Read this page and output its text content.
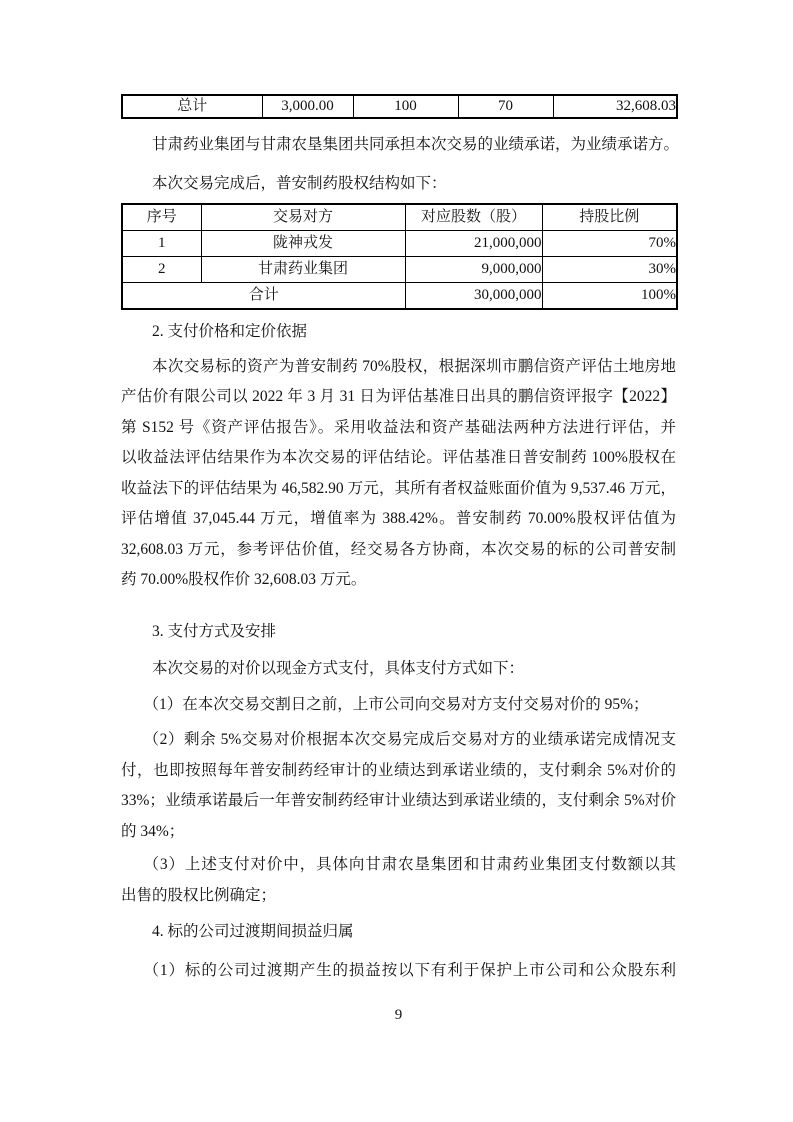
总计	3,000.00	100	70	32,608.03
甘肃药业集团与甘肃农垦集团共同承担本次交易的业绩承诺，为业绩承诺方。
本次交易完成后，普安制药股权结构如下：
序号	交易对方	对应股数（股）	持股比例
1	陇神戎发	21,000,000	70%
2	甘肃药业集团	9,000,000	30%
合计		30,000,000	100%
2. 支付价格和定价依据
本次交易标的资产为普安制药 70%股权，根据深圳市鹏信资产评估土地房地
产估价有限公司以 2022 年 3 月 31 日为评估基准日出具的鹏信资评报字【2022】
第 S152 号《资产评估报告》。采用收益法和资产基础法两种方法进行评估，并
以收益法评估结果作为本次交易的评估结论。评估基准日普安制药 100%股权在
收益法下的评估结果为 46,582.90 万元，其所有者权益账面价值为 9,537.46 万元，
评估增值 37,045.44 万元，增值率为 388.42%。普安制药 70.00%股权评估值为
32,608.03 万元，参考评估价值，经交易各方协商，本次交易的标的公司普安制
药 70.00%股权作价 32,608.03 万元。
3. 支付方式及安排
本次交易的对价以现金方式支付，具体支付方式如下：
（1）在本次交易交割日之前，上市公司向交易对方支付交易对价的 95%；
（2）剩余 5%交易对价根据本次交易完成后交易对方的业绩承诺完成情况支
付，也即按照每年普安制药经审计的业绩达到承诺业绩的，支付剩余 5%对价的
33%；业绩承诺最后一年普安制药经审计业绩达到承诺业绩的，支付剩余 5%对价
的 34%；
（3）上述支付对价中，具体向甘肃农垦集团和甘肃药业集团支付数额以其
出售的股权比例确定；
4. 标的公司过渡期间损益归属
（1）标的公司过渡期产生的损益按以下有利于保护上市公司和公众股东利
9
